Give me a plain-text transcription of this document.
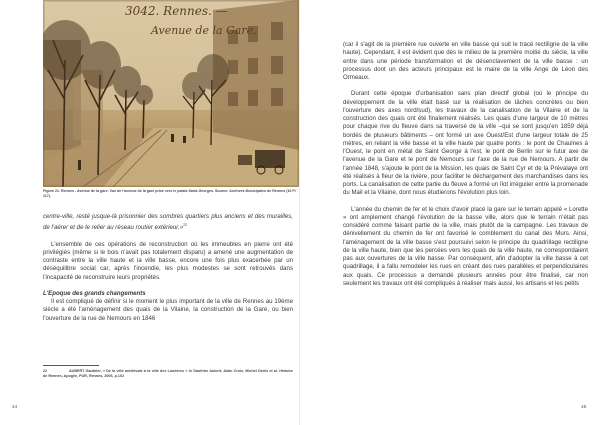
3042. Rennes. —
Avenue de la Gare.
Figure 21. Rennes - Avenue de la gare. Vue de l'avenue de la gare prise vers le palais Saint-Georges. Source: Archives Municipales de Rennes (10 Fi 117).

centre-ville, resté jusque-là prisonnier des sombres quartiers plus anciens et des murailles, de l'aérer et de le relier au réseau routier extérieur.»$^{22}$

L'ensemble de ces opérations de reconstruction où les immeubles en pierre ont été privilégiés (même si le bois n'avait pas totalement disparu) a amené une augmentation de contraste entre la ville haute et la ville basse, encore une fois plus exacerbée par un déséquilibre social car, après l'incendie, les plus modestes se sont retrouvés dans l'incapacité de reconstruire leurs propriétés.

L'Epoque des grands changements

Il est compliqué de définir si le moment le plus important de la ville de Rennes au 19ème siècle a été l'aménagement des quais de la Vilaine, la construction de la Gare, ou bien l'ouverture de la rue de Nemours en 1846

22	AUBERT Gauthier, « De la ville médiévale à la ville des Lumières » in Gauthier Aubert, Alain Croix, Michel Denis et al. Histoire de Rennes, Apogée, PUR, Rennes, 2006, p.102
44

(car il s'agit de la première rue ouverte en ville basse qui suit le tracé rectiligne de la ville haute). Cependant, il est évident que dès le milieu de la première moitié du siècle, la ville entre dans une période transformation et de désenclavement de la ville basse : un processus dont un des acteurs principaux est le maire de la ville Ange de Léon des Ormeaux.

Durant cette époque d'urbanisation sans plan directif global (où le principe du développement de la ville était basé sur la réalisation de tâches concrètes ou bien l'ouverture des axes nord/sud), les travaux de la canalisation de la Vilaine et de la construction des quais ont été finalement réalisés. Les quais d'une largeur de 10 mètres pour chaque rive du fleuve dans sa traversé de la ville –qui se sont jusqu'en 1859 déjà bordés de plusieurs bâtiments – ont formé un axe Ouest/Est d'une largeur totale de 25 mètres, en reliant la ville basse et la ville haute par quatre ponts : le pont de Chaulnes à l'Ouest, le pont en métal de Saint George à l'est, le pont de Berlin sur le futur axe de l'avenue de la Gare et le pont de Nemours sur l'axe de la rue de Nemours. A partir de l'année 1848, s'ajoute le pont de la Mission, les quais de Saint Cyr et de la Prévalaye ont été réalisés à fleur de la rivière, pour faciliter le déchargement des marchandises dans les ports. La canalisation de cette partie du fleuve a formé un îlot irrégulier entre la promenade du Mail et la Vilaine, dont nous étudierons l'évolution plus loin.

L'année du chemin de fer et le choix d'avoir placé la gare sur le terrain appelé « Lorette » ont amplement changé l'évolution de la basse ville, alors que le terrain n'était pas considéré comme faisant partie de la ville, mais plutôt de la campagne. Les travaux de dénivellement du chemin de fer ont favorisé le comblement du canal des Murs. Ainsi, l'aménagement de la ville basse s'est poursuivi selon le principe du quadrillage rectiligne de la ville haute, bien que les percées vers les quais de la ville haute, ne correspondaient pas aux ouvertures de la ville basse. Par conséquent, afin d'adopter la ville basse à cet quadrillage, il a fallu remodeler les rues en créant des rues parallèles et perpendiculaires aux quais. Ce processus a demandé plusieurs années pour être finalisé, car non seulement les travaux ont été compliqués à réaliser mais aussi, les artisans et les petits

45
